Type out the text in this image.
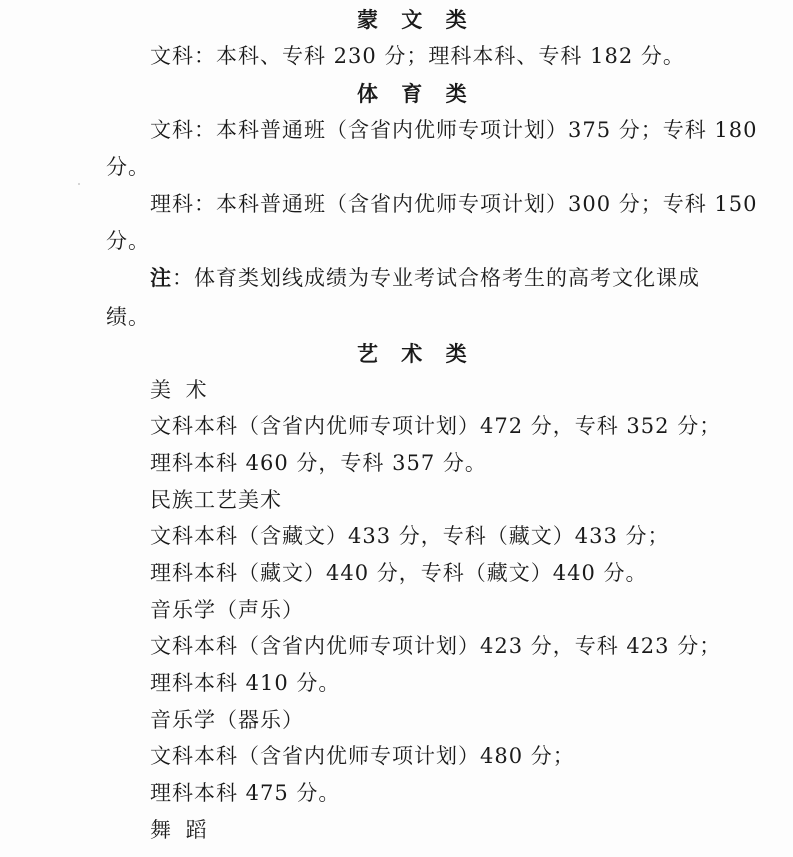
蒙 文 类
文科：本科、专科 230 分；理科本科、专科 182 分。
体 育 类
文科：本科普通班（含省内优师专项计划）375 分；专科 180
分。
理科：本科普通班（含省内优师专项计划）300 分；专科 150
分。
注：体育类划线成绩为专业考试合格考生的高考文化课成
绩。
艺 术 类
美 术
文科本科（含省内优师专项计划）472 分，专科 352 分；
理科本科 460 分，专科 357 分。
民族工艺美术
文科本科（含藏文）433 分，专科（藏文）433 分；
理科本科（藏文）440 分，专科（藏文）440 分。
音乐学（声乐）
文科本科（含省内优师专项计划）423 分，专科 423 分；
理科本科 410 分。
音乐学（器乐）
文科本科（含省内优师专项计划）480 分；
理科本科 475 分。
舞 蹈
